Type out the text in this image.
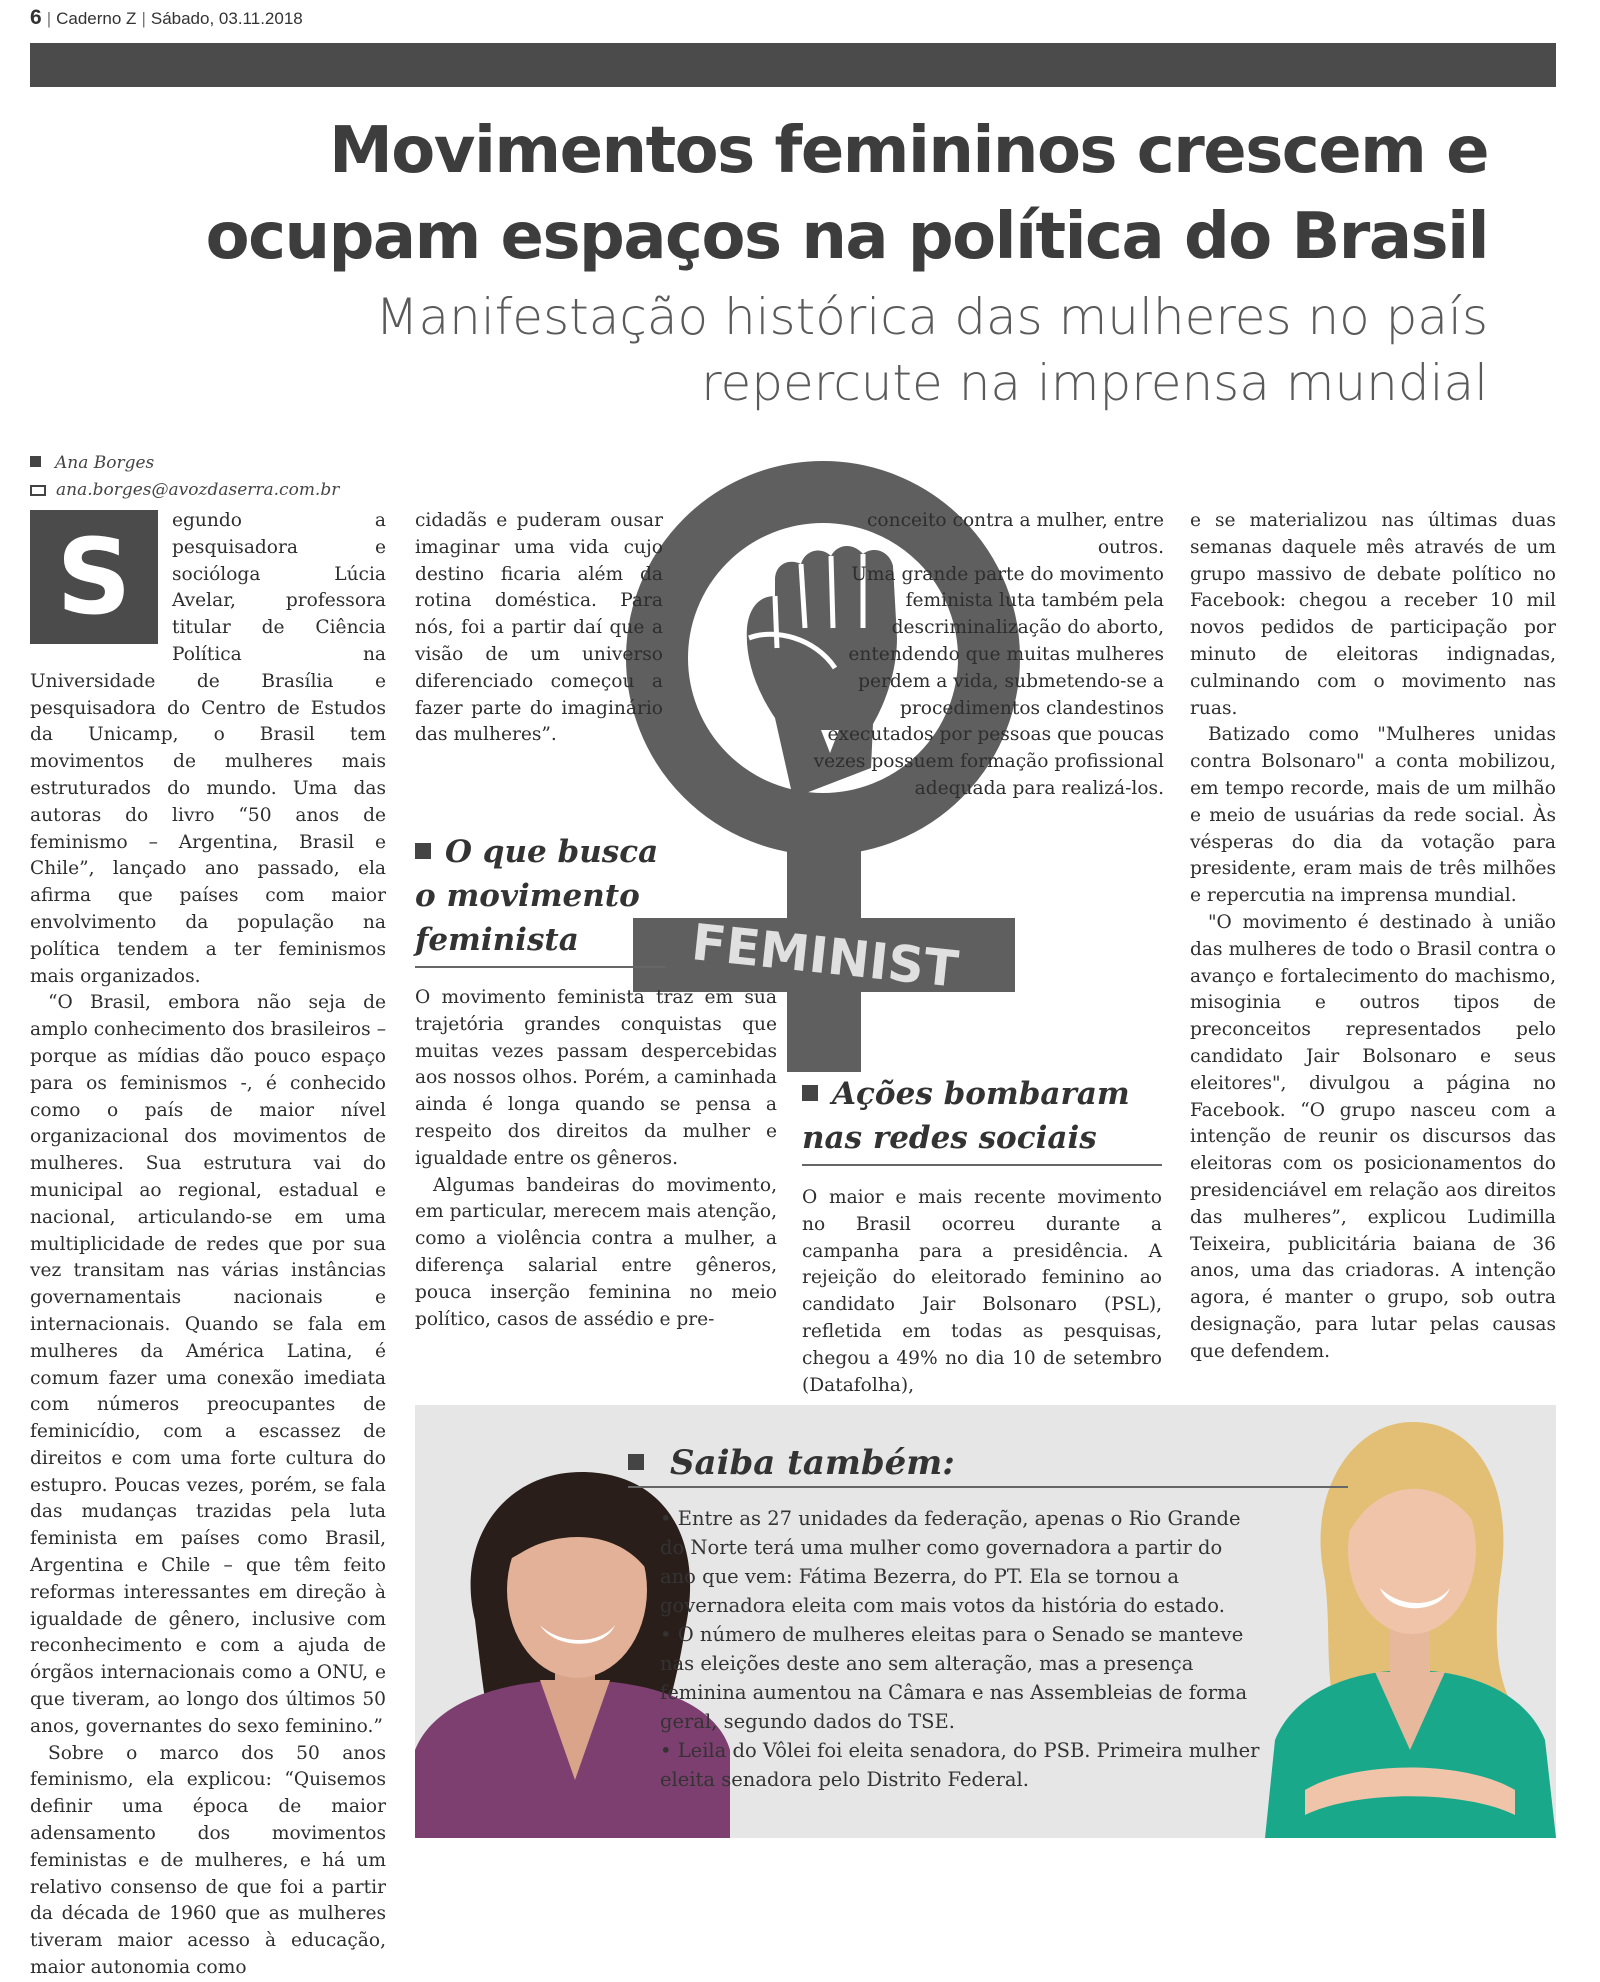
6 | Caderno Z | Sábado, 03.11.2018
Movimentos femininos crescem e ocupam espaços na política do Brasil
Manifestação histórica das mulheres no país repercute na imprensa mundial
Ana Borges
ana.borges@avozdaserra.com.br
S	egundo a pesquisadora e socióloga Lúcia Avelar, professora titular de Ciência Política na Universidade de Brasília e pesquisadora do Centro de Estudos da Unicamp, o Brasil tem movimentos de mulheres mais estruturados do mundo. Uma das autoras do livro “50 anos de feminismo – Argentina, Brasil e Chile”, lançado ano passado, ela afirma que países com maior envolvimento da população na política tendem a ter feminismos mais organizados.

“O Brasil, embora não seja de amplo conhecimento dos brasileiros – porque as mídias dão pouco espaço para os feminismos -, é conhecido como o país de maior nível organizacional dos movimentos de mulheres. Sua estrutura vai do municipal ao regional, estadual e nacional, articulando-se em uma multiplicidade de redes que por sua vez transitam nas várias instâncias governamentais nacionais e internacionais. Quando se fala em mulheres da América Latina, é comum fazer uma conexão imediata com números preocupantes de feminicídio, com a escassez de direitos e com uma forte cultura do estupro. Poucas vezes, porém, se fala das mudanças trazidas pela luta feminista em países como Brasil, Argentina e Chile – que têm feito reformas interessantes em direção à igualdade de gênero, inclusive com reconhecimento e com a ajuda de órgãos internacionais como a ONU, e que tiveram, ao longo dos últimos 50 anos, governantes do sexo feminino.”

Sobre o marco dos 50 anos feminismo, ela explicou: “Quisemos definir uma época de maior adensamento dos movimentos feministas e de mulheres, e há um relativo consenso de que foi a partir da década de 1960 que as mulheres tiveram maior acesso à educação, maior autonomia como

FEMINIST

cidadãs e puderam ousar imaginar uma vida cujo destino ficaria além da rotina doméstica. Para nós, foi a partir daí que a visão de um universo diferenciado começou a fazer parte do imaginário das mulheres”.

O que busca o movimento feminista

O movimento feminista traz em sua trajetória grandes conquistas que muitas vezes passam despercebidas aos nossos olhos. Porém, a caminhada ainda é longa quando se pensa a respeito dos direitos da mulher e igualdade entre os gêneros.

Algumas bandeiras do movimento, em particular, merecem mais atenção, como a violência contra a mulher, a diferença salarial entre gêneros, pouca inserção feminina no meio político, casos de assédio e pre-

conceito contra a mulher, entre outros.

Uma grande parte do movimento feminista luta também pela descriminalização do aborto, entendendo que muitas mulheres perdem a vida, submetendo-se a procedimentos clandestinos executados por pessoas que poucas vezes possuem formação profissional adequada para realizá-los.

Ações bombaram nas redes sociais

O maior e mais recente movimento no Brasil ocorreu durante a campanha para a presidência. A rejeição do eleitorado feminino ao candidato Jair Bolsonaro (PSL), refletida em todas as pesquisas, chegou a 49% no dia 10 de setembro (Datafolha),

e se materializou nas últimas duas semanas daquele mês através de um grupo massivo de debate político no Facebook: chegou a receber 10 mil novos pedidos de participação por minuto de eleitoras indignadas, culminando com o movimento nas ruas.

Batizado como "Mulheres unidas contra Bolsonaro" a conta mobilizou, em tempo recorde, mais de um milhão e meio de usuárias da rede social. Às vésperas do dia da votação para presidente, eram mais de três milhões e repercutia na imprensa mundial.

"O movimento é destinado à união das mulheres de todo o Brasil contra o avanço e fortalecimento do machismo, misoginia e outros tipos de preconceitos representados pelo candidato Jair Bolsonaro e seus eleitores", divulgou a página no Facebook. “O grupo nasceu com a intenção de reunir os discursos das eleitoras com os posicionamentos do presidenciável em relação aos direitos das mulheres”, explicou Ludimilla Teixeira, publicitária baiana de 36 anos, uma das criadoras. A intenção agora, é manter o grupo, sob outra designação, para lutar pelas causas que defendem.

Saiba também:
• Entre as 27 unidades da federação, apenas o Rio Grande do Norte terá uma mulher como governadora a partir do ano que vem: Fátima Bezerra, do PT. Ela se tornou a governadora eleita com mais votos da história do estado.
• O número de mulheres eleitas para o Senado se manteve nas eleições deste ano sem alteração, mas a presença feminina aumentou na Câmara e nas Assembleias de forma geral, segundo dados do TSE.
• Leila do Vôlei foi eleita senadora, do PSB. Primeira mulher eleita senadora pelo Distrito Federal.
